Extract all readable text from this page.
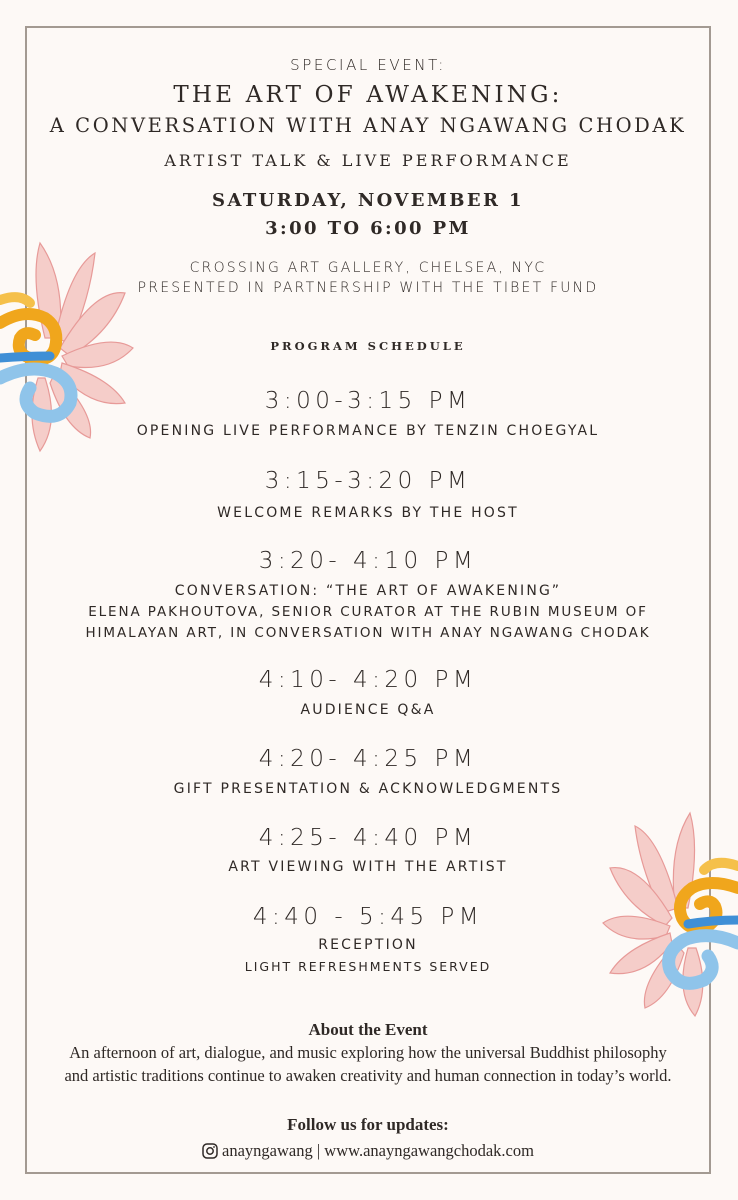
SPECIAL EVENT:
THE ART OF AWAKENING:
A CONVERSATION WITH ANAY NGAWANG CHODAK
ARTIST TALK & LIVE PERFORMANCE
SATURDAY, NOVEMBER 1
3:00 TO 6:00 PM
CROSSING ART GALLERY, CHELSEA, NYC
PRESENTED IN PARTNERSHIP WITH THE TIBET FUND
PROGRAM SCHEDULE
3:00-3:15 PM
OPENING LIVE PERFORMANCE BY TENZIN CHOEGYAL
3:15-3:20 PM
WELCOME REMARKS BY THE HOST
3:20- 4:10 PM
CONVERSATION: “THE ART OF AWAKENING”
ELENA PAKHOUTOVA, SENIOR CURATOR AT THE RUBIN MUSEUM OF
HIMALAYAN ART, IN CONVERSATION WITH ANAY NGAWANG CHODAK
4:10- 4:20 PM
AUDIENCE Q&A
4:20- 4:25 PM
GIFT PRESENTATION & ACKNOWLEDGMENTS
4:25- 4:40 PM
ART VIEWING WITH THE ARTIST
4:40 - 5:45 PM
RECEPTION
LIGHT REFRESHMENTS SERVED
About the Event
An afternoon of art, dialogue, and music exploring how the universal Buddhist philosophy
and artistic traditions continue to awaken creativity and human connection in today’s world.
Follow us for updates:
anayngawang | www.anayngawangchodak.com
